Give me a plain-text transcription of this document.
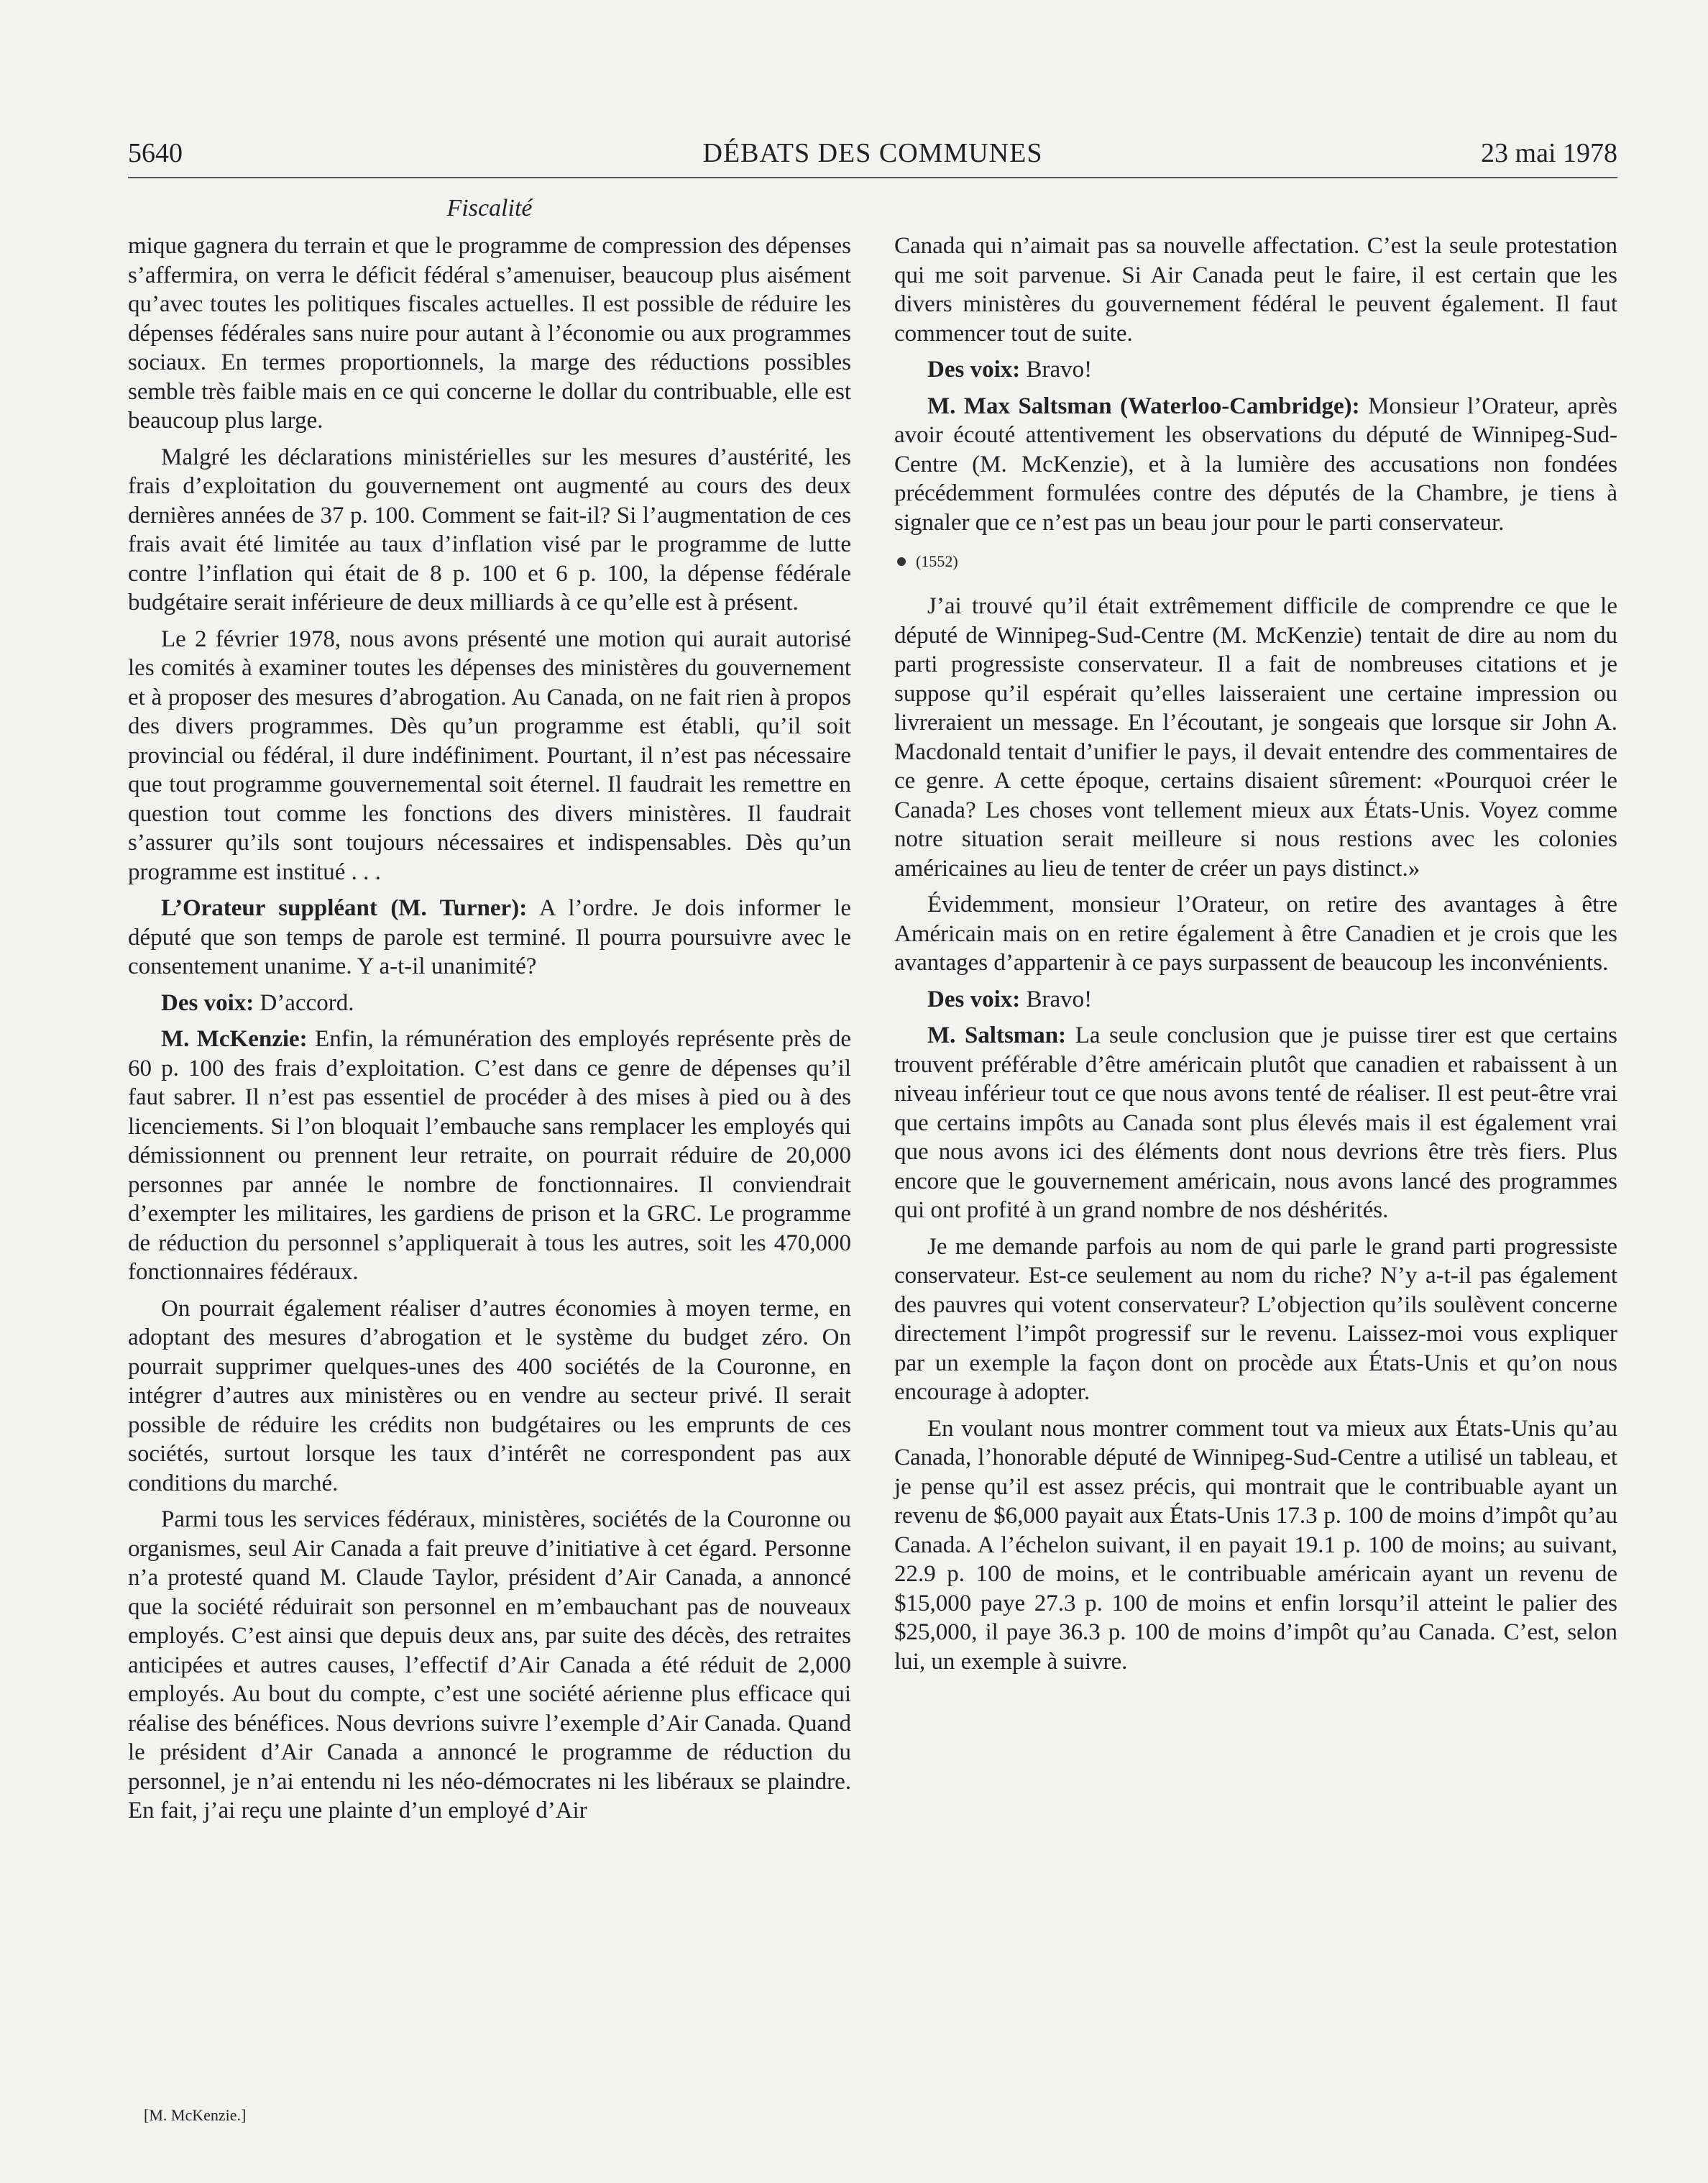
5640	DÉBATS DES COMMUNES	23 mai 1978
Fiscalité

mique gagnera du terrain et que le programme de compression des dépenses s’affermira, on verra le déficit fédéral s’amenuiser, beaucoup plus aisément qu’avec toutes les politiques fiscales actuelles. Il est possible de réduire les dépenses fédérales sans nuire pour autant à l’économie ou aux programmes sociaux. En termes proportionnels, la marge des réductions possibles semble très faible mais en ce qui concerne le dollar du contribuable, elle est beaucoup plus large.

Malgré les déclarations ministérielles sur les mesures d’austérité, les frais d’exploitation du gouvernement ont augmenté au cours des deux dernières années de 37 p. 100. Comment se fait-il? Si l’augmentation de ces frais avait été limitée au taux d’inflation visé par le programme de lutte contre l’inflation qui était de 8 p. 100 et 6 p. 100, la dépense fédérale budgétaire serait inférieure de deux milliards à ce qu’elle est à présent.

Le 2 février 1978, nous avons présenté une motion qui aurait autorisé les comités à examiner toutes les dépenses des ministères du gouvernement et à proposer des mesures d’abrogation. Au Canada, on ne fait rien à propos des divers programmes. Dès qu’un programme est établi, qu’il soit provincial ou fédéral, il dure indéfiniment. Pourtant, il n’est pas nécessaire que tout programme gouvernemental soit éternel. Il faudrait les remettre en question tout comme les fonctions des divers ministères. Il faudrait s’assurer qu’ils sont toujours nécessaires et indispensables. Dès qu’un programme est institué . . .

L’Orateur suppléant (M. Turner): A l’ordre. Je dois informer le député que son temps de parole est terminé. Il pourra poursuivre avec le consentement unanime. Y a-t-il unanimité?

Des voix: D’accord.

M. McKenzie: Enfin, la rémunération des employés représente près de 60 p. 100 des frais d’exploitation. C’est dans ce genre de dépenses qu’il faut sabrer. Il n’est pas essentiel de procéder à des mises à pied ou à des licenciements. Si l’on bloquait l’embauche sans remplacer les employés qui démissionnent ou prennent leur retraite, on pourrait réduire de 20,000 personnes par année le nombre de fonctionnaires. Il conviendrait d’exempter les militaires, les gardiens de prison et la GRC. Le programme de réduction du personnel s’appliquerait à tous les autres, soit les 470,000 fonctionnaires fédéraux.

On pourrait également réaliser d’autres économies à moyen terme, en adoptant des mesures d’abrogation et le système du budget zéro. On pourrait supprimer quelques-unes des 400 sociétés de la Couronne, en intégrer d’autres aux ministères ou en vendre au secteur privé. Il serait possible de réduire les crédits non budgétaires ou les emprunts de ces sociétés, surtout lorsque les taux d’intérêt ne correspondent pas aux conditions du marché.

Parmi tous les services fédéraux, ministères, sociétés de la Couronne ou organismes, seul Air Canada a fait preuve d’initiative à cet égard. Personne n’a protesté quand M. Claude Taylor, président d’Air Canada, a annoncé que la société réduirait son personnel en m’embauchant pas de nouveaux employés. C’est ainsi que depuis deux ans, par suite des décès, des retraites anticipées et autres causes, l’effectif d’Air Canada a été réduit de 2,000 employés. Au bout du compte, c’est une société aérienne plus efficace qui réalise des bénéfices. Nous devrions suivre l’exemple d’Air Canada. Quand le président d’Air Canada a annoncé le programme de réduction du personnel, je n’ai entendu ni les néo-démocrates ni les libéraux se plaindre. En fait, j’ai reçu une plainte d’un employé d’Air

Canada qui n’aimait pas sa nouvelle affectation. C’est la seule protestation qui me soit parvenue. Si Air Canada peut le faire, il est certain que les divers ministères du gouvernement fédéral le peuvent également. Il faut commencer tout de suite.

Des voix: Bravo!

M. Max Saltsman (Waterloo-Cambridge): Monsieur l’Orateur, après avoir écouté attentivement les observations du député de Winnipeg-Sud-Centre (M. McKenzie), et à la lumière des accusations non fondées précédemment formulées contre des députés de la Chambre, je tiens à signaler que ce n’est pas un beau jour pour le parti conservateur.

(1552)

J’ai trouvé qu’il était extrêmement difficile de comprendre ce que le député de Winnipeg-Sud-Centre (M. McKenzie) tentait de dire au nom du parti progressiste conservateur. Il a fait de nombreuses citations et je suppose qu’il espérait qu’elles laisseraient une certaine impression ou livreraient un message. En l’écoutant, je songeais que lorsque sir John A. Macdonald tentait d’unifier le pays, il devait entendre des commentaires de ce genre. A cette époque, certains disaient sûrement: «Pourquoi créer le Canada? Les choses vont tellement mieux aux États-Unis. Voyez comme notre situation serait meilleure si nous restions avec les colonies américaines au lieu de tenter de créer un pays distinct.»

Évidemment, monsieur l’Orateur, on retire des avantages à être Américain mais on en retire également à être Canadien et je crois que les avantages d’appartenir à ce pays surpassent de beaucoup les inconvénients.

Des voix: Bravo!

M. Saltsman: La seule conclusion que je puisse tirer est que certains trouvent préférable d’être américain plutôt que canadien et rabaissent à un niveau inférieur tout ce que nous avons tenté de réaliser. Il est peut-être vrai que certains impôts au Canada sont plus élevés mais il est également vrai que nous avons ici des éléments dont nous devrions être très fiers. Plus encore que le gouvernement américain, nous avons lancé des programmes qui ont profité à un grand nombre de nos déshérités.

Je me demande parfois au nom de qui parle le grand parti progressiste conservateur. Est-ce seulement au nom du riche? N’y a-t-il pas également des pauvres qui votent conservateur? L’objection qu’ils soulèvent concerne directement l’impôt progressif sur le revenu. Laissez-moi vous expliquer par un exemple la façon dont on procède aux États-Unis et qu’on nous encourage à adopter.

En voulant nous montrer comment tout va mieux aux États-Unis qu’au Canada, l’honorable député de Winnipeg-Sud-Centre a utilisé un tableau, et je pense qu’il est assez précis, qui montrait que le contribuable ayant un revenu de $6,000 payait aux États-Unis 17.3 p. 100 de moins d’impôt qu’au Canada. A l’échelon suivant, il en payait 19.1 p. 100 de moins; au suivant, 22.9 p. 100 de moins, et le contribuable américain ayant un revenu de $15,000 paye 27.3 p. 100 de moins et enfin lorsqu’il atteint le palier des $25,000, il paye 36.3 p. 100 de moins d’impôt qu’au Canada. C’est, selon lui, un exemple à suivre.

[M. McKenzie.]
